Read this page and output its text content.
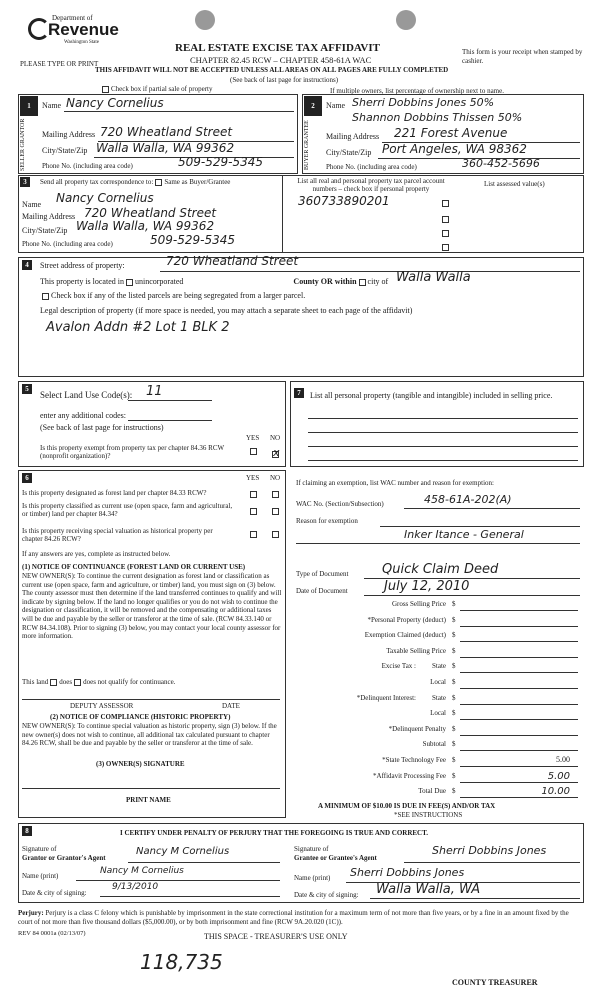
Department of
Revenue
Washington State
PLEASE TYPE OR PRINT
REAL ESTATE EXCISE TAX AFFIDAVIT
CHAPTER 82.45 RCW – CHAPTER 458-61A WAC
THIS AFFIDAVIT WILL NOT BE ACCEPTED UNLESS ALL AREAS ON ALL PAGES ARE FULLY COMPLETED
(See back of last page for instructions)
This form is your receipt when stamped by cashier.
Check box if partial sale of property	If multiple owners, list percentage of ownership next to name.
1
SELLER GRANTOR
Name Nancy Cornelius
Mailing Address 720 Wheatland Street
City/State/Zip Walla Walla, WA 99362
Phone No. (including area code)	509-529-5345
2
BUYER GRANTEE
Name Sherri Dobbins Jones 50%
Shannon Dobbins Thissen 50%
Mailing Address 221 Forest Avenue
City/State/Zip Port Angeles, WA 98362
Phone No. (including area code)	360-452-5696
3	Send all property tax correspondence to: Same as Buyer/Grantee
Name Nancy Cornelius
Mailing Address 720 Wheatland Street
City/State/Zip Walla Walla, WA 99362
Phone No. (including area code)	509-529-5345
List all real and personal property tax parcel account numbers – check box if personal property
List assessed value(s)
360733890201
4	Street address of property:	720 Wheatland Street
This property is located in unincorporated	County OR within city of Walla Walla
Check box if any of the listed parcels are being segregated from a larger parcel.
Legal description of property (if more space is needed, you may attach a separate sheet to each page of the affidavit)
Avalon Addn #2 Lot 1 BLK 2
5
Select Land Use Code(s): 11
enter any additional codes:
(See back of last page for instructions)
YES NO
Is this property exempt from property tax per chapter 84.36 RCW (nonprofit organization)?	x
7	List all personal property (tangible and intangible) included in selling price.
6	YES NO
Is this property designated as forest land per chapter 84.33 RCW?
Is this property classified as current use (open space, farm and agricultural, or timber) land per chapter 84.34?
Is this property receiving special valuation as historical property per chapter 84.26 RCW?
If any answers are yes, complete as instructed below.
(1) NOTICE OF CONTINUANCE (FOREST LAND OR CURRENT USE)
NEW OWNER(S): To continue the current designation as forest land or classification as current use (open space, farm and agriculture, or timber) land, you must sign on (3) below. The county assessor must then determine if the land transferred continues to qualify and will indicate by signing below. If the land no longer qualifies or you do not wish to continue the designation or classification, it will be removed and the compensating or additional taxes will be due and payable by the seller or transferor at the time of sale. (RCW 84.33.140 or RCW 84.34.108). Prior to signing (3) below, you may contact your local county assessor for more information.
This land does does not qualify for continuance.
DEPUTY ASSESSOR	DATE
(2) NOTICE OF COMPLIANCE (HISTORIC PROPERTY)
NEW OWNER(S): To continue special valuation as historic property, sign (3) below. If the new owner(s) does not wish to continue, all additional tax calculated pursuant to chapter 84.26 RCW, shall be due and payable by the seller or transferor at the time of sale.
(3) OWNER(S) SIGNATURE
PRINT NAME
If claiming an exemption, list WAC number and reason for exemption:
WAC No. (Section/Subsection)	458-61A-202(A)
Reason for exemption
Inker Itance - General
Type of Document	Quick Claim Deed
Date of Document	July 12, 2010
Gross Selling Price $
*Personal Property (deduct) $
Exemption Claimed (deduct) $
Taxable Selling Price $
Excise Tax : State $
Local $
*Delinquent Interest: State $
Local $
*Delinquent Penalty $
Subtotal $
*State Technology Fee $	5.00
*Affidavit Processing Fee $	5.00
Total Due $	10.00
A MINIMUM OF $10.00 IS DUE IN FEE(S) AND/OR TAX
*SEE INSTRUCTIONS
8	I CERTIFY UNDER PENALTY OF PERJURY THAT THE FOREGOING IS TRUE AND CORRECT.
Signature of
Grantor or Grantor's Agent
Nancy M Cornelius
Name (print)	Nancy M Cornelius
Date & city of signing:
9/13/2010
Signature of
Grantee or Grantee's Agent
Sherri Dobbins Jones
Name (print) Sherri Dobbins Jones
Date & city of signing: Walla Walla, WA
Perjury: Perjury is a class C felony which is punishable by imprisonment in the state correctional institution for a maximum term of not more than five years, or by a fine in an amount fixed by the court of not more than five thousand dollars ($5,000.00), or by both imprisonment and fine (RCW 9A.20.020 (1C)).
REV 84 0001a (02/13/07)	THIS SPACE - TREASURER'S USE ONLY
118,735
COUNTY TREASURER
